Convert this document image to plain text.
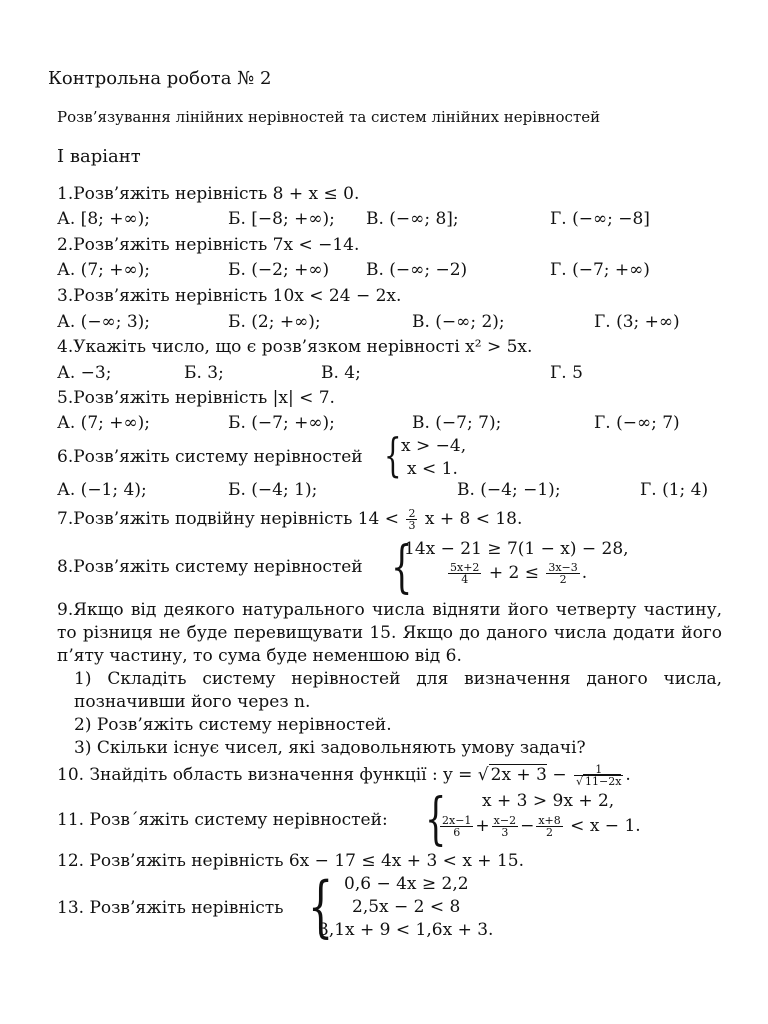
Контрольна робота № 2
Розв’язування лінійних нерівностей та систем лінійних нерівностей
І варіант
1.Розв’яжіть нерівність 8 + x ≤ 0.
А. [8; +∞);	Б. [−8; +∞); В. (−∞; 8];	Г. (−∞; −8]
2.Розв’яжіть нерівність 7x < −14.
А. (7; +∞);	Б. (−2; +∞) В. (−∞; −2)	Г. (−7; +∞)
3.Розв’яжіть нерівність 10x < 24 − 2x.
А. (−∞; 3);	Б. (2; +∞);	В. (−∞; 2);	Г. (3; +∞)
4.Укажіть число, що є розв’язком нерівності x² > 5x.
А. −3;	Б. 3;	В. 4;	Г. 5
5.Розв’яжіть нерівність |x| < 7.
А. (7; +∞);	Б. (−7; +∞);	В. (−7; 7);	Г. (−∞; 7)
6.Розв’яжіть систему нерівностей { x > −4,
x < 1.
А. (−1; 4);	Б. (−4; 1);	В. (−4; −1);	Г. (1; 4)
7.Розв’яжіть подвійну нерівність $14 < \frac{2}{3}$ x + 8 < 18.
8.Розв’яжіть систему нерівностей {
14x − 21 ≥ 7(1 − x) − 28,
$\frac{5x+2}{4} + 2 \le \frac{3x-3}{2}$ .
9.Якщо від деякого натурального числа відняти його четверту частину, то різниця не буде перевищувати 15. Якщо до даного числа додати його п’яту частину, то сума буде неменшою від 6.
1) Складіть систему нерівностей для визначення даного числа, позначивши його через n.
2) Розв’яжіть систему нерівностей.
3) Скільки існує чисел, які задовольняють умову задачі?
10. Знайдіть область визначення функції : y = √ $2x + 3 - \frac{1}{√ 11-2x}$ .
11. Розв´яжіть систему нерівностей: { x + 3 > 9x + 2,
$\frac{2x-1}{6} + \frac{x-2}{3} - \frac{x+8}{2} < x - 1$.
12. Розв’яжіть нерівність 6x − 17 ≤ 4x + 3 < x + 15.
13. Розв’яжіть нерівність { 0,6 − 4x ≥ 2,2
2,5x − 2 < 8
3,1x + 9 < 1,6x + 3.
